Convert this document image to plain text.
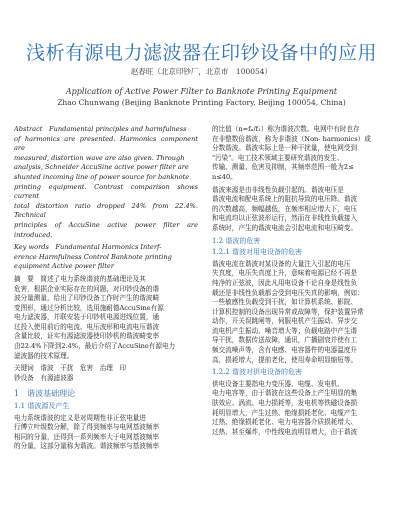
浅析有源电力滤波器在印钞设备中的应用

赵春旺（北京印钞厂，北京市　100054）

Application of Active Power Filter to Banknote Printing Equipment

Zhao Chunwang (Beijing Banknote Printing Factory, Beijing 100054, China)

Abstract　Fundamental principles and harmfulness
of harmonics are presented. Harmonics component are
measured, distortion wave are also given. Through
analysis, Schneider AccuSine active power filter are
shunted incoming line of power source for banknote
printing equipment. Contrast comparison shows current
total distortion ratio dropped 24% from 22.4%. Technical
principles of AccuSine active power filter are introduced.

Key words　Fundamental Harmonics Interf-
erence Harmfulness Control Banknote printing
equipment Active power filter

摘　要　简述了电力系统谐波的基础理论及其
危害，根据企业实际存在的问题，对印钞设备的谐
波分量测量，给出了印钞设备工作时产生的谐波畸
变图形，通过分析比较，选用施耐德AccuSine有源
电力滤波器，并联安装于印钞机电源进线位置，通
过投入使用前后的电流、电压波形和电流电压谐波
含量比较，证实有源滤波器使印钞机的谐波畸变率
由22.4%下降到2.4%，最后介绍了AccuSine有源电力
滤波器的技术原理。

关键词　谐波　干扰　危害　治理　印
钞设备　有源滤波器

1　谐波基础理论

1.1 谐波源及产生

电力系统谐波的定义是对周期性非正弦电量进
行傅立叶级数分解，除了得到频率与电网基波频率
相同的分量，还得到一系列频率大于电网基波频率
的分量，这部分量称为谐波。谐波频率与基波频率

的比值（n=fₙ/f₁）称为谐波次数。电网中有时也存
在非整数倍谐波，称为非谐波（Non- harmonics）或
分数谐波。谐波实际上是一种干扰量，使电网受到
"污染"。电工技术领域主要研究谐波的发生、
传输、测量、危害及抑制，其频率范围一般为2≤
n≤40。

谐波来源是由非线性负载引起的。谐波电压是
谐波电流和配电系统上的阻抗导致的电压降。谐波
的次数越高，频幅越低，在频率相应增大下，电压
和电流均以正弦波形运行，然而在非线性负载接入
系统时，产生的谐波电流会引起电流和电压畸变。

1.2 谐波的危害

1.2.1 谐波对用电设备的危害

谐波电流在谐波对某设备的大量注入引起的电压
失真度，电压失真度上升，意味着电源已经不再是
纯净的正弦波，因此凡用电设备不论自身是线性负
载还是非线性负载都会受到电压失真的影响，例如：
一些敏感性负载受到干扰，如计算机系统、影院、
计算机控制的设备出现异常或故障等，保护装置异常
动作，开关误跳闸等，伺服电机产生振动、异步交
流电机产生振动、噪音增大等；负载电路中产生谐
导干扰，数据传送故障，通讯，广播剧衰并使有工
频交流噪声等，含有电感、电容器件的电器温度升
高，损耗增大，提前老化，使用寿命明显缩短等。

1.2.2 谐波对供电设备的危害

供电设备主要指电力变压器、电缆、发电机、
电力电容等，由于谐波在这些设备上产生明显的集
肤效应、涡流、电力损耗等，发电机等铁磁设备损
耗明显增大，产生过热、绝缘损耗老化、电缆产生
过热、绝缘损耗老化、电力电容器介质损耗增大、
过热、甚至爆炸，中性线电流明显增大，由于谐波
